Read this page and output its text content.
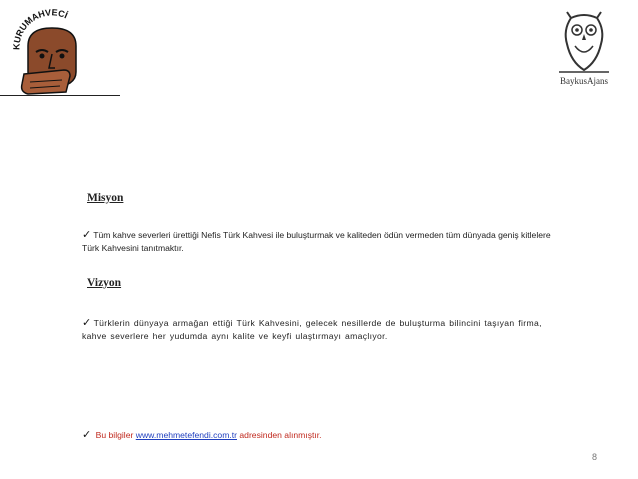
KURUMAHVECİ
BaykusAjans
Misyon
✓ Tüm kahve severleri ürettiği Nefis Türk Kahvesi ile buluşturmak ve kaliteden ödün vermeden tüm dünyada geniş kitlelere Türk Kahvesini tanıtmaktır.
Vizyon
✓ Türklerin dünyaya armağan ettiği Türk Kahvesini, gelecek nesillerde de buluşturma bilincini taşıyan firma, kahve severlere her yudumda aynı kalite ve keyfi ulaştırmayı amaçlıyor.
✓ Bu bilgiler www.mehmetefendi.com.tr adresinden alınmıştır.
8
